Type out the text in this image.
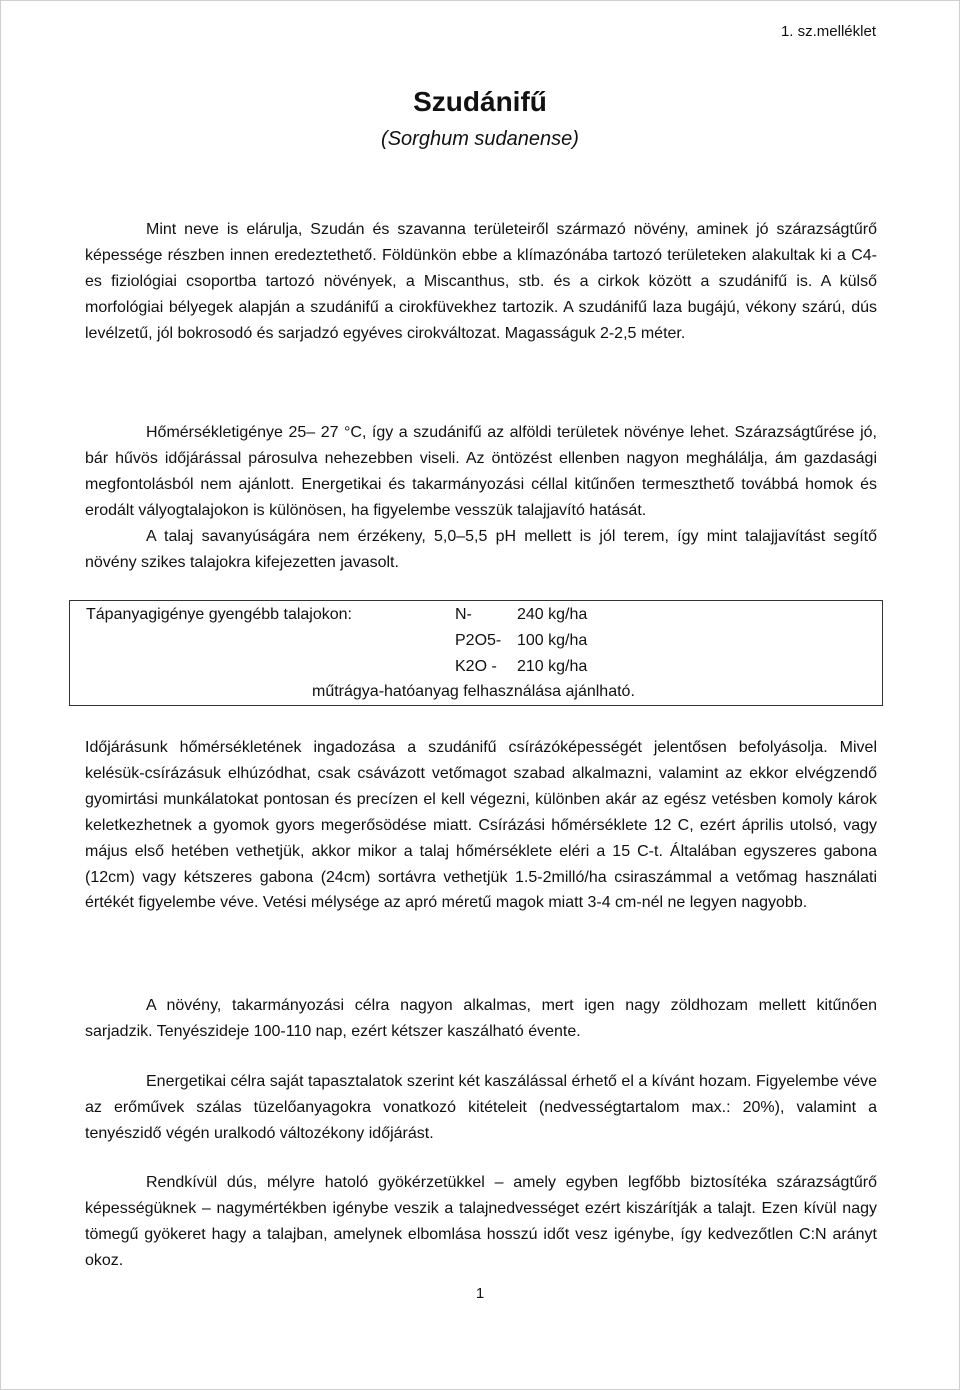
1. sz.melléklet
Szudánifű
(Sorghum sudanense)

Mint neve is elárulja, Szudán és szavanna területeiről származó növény, aminek jó szárazságtűrő képessége részben innen eredeztethető. Földünkön ebbe a klímazónába tartozó területeken alakultak ki a C4-es fiziológiai csoportba tartozó növények, a Miscanthus, stb. és a cirkok között a szudánifű is. A külső morfológiai bélyegek alapján a szudánifű a cirokfüvekhez tartozik. A szudánifű laza bugájú, vékony szárú, dús levélzetű, jól bokrosodó és sarjadzó egyéves cirokváltozat. Magasságuk 2-2,5 méter.

Hőmérsékletigénye 25– 27 °C, így a szudánifű az alföldi területek növénye lehet. Szárazságtűrése jó, bár hűvös időjárással párosulva nehezebben viseli. Az öntözést ellenben nagyon meghálálja, ám gazdasági megfontolásból nem ajánlott. Energetikai és takarmányozási céllal kitűnően termeszthető továbbá homok és erodált vályogtalajokon is különösen, ha figyelembe vesszük talajjavító hatását.

A talaj savanyúságára nem érzékeny, 5,0–5,5 pH mellett is jól terem, így mint talajjavítást segítő növény szikes talajokra kifejezetten javasolt.

Tápanyagigénye gyengébb talajokon:	N-	240 kg/ha
P2O5- 100 kg/ha
K2O - 210 kg/ha
műtrágya-hatóanyag felhasználása ajánlható.

Időjárásunk hőmérsékletének ingadozása a szudánifű csírázóképességét jelentősen befolyásolja. Mivel kelésük-csírázásuk elhúzódhat, csak csávázott vetőmagot szabad alkalmazni, valamint az ekkor elvégzendő gyomirtási munkálatokat pontosan és precízen el kell végezni, különben akár az egész vetésben komoly károk keletkezhetnek a gyomok gyors megerősödése miatt. Csírázási hőmérséklete 12 C, ezért április utolsó, vagy május első hetében vethetjük, akkor mikor a talaj hőmérséklete eléri a 15 C-t. Általában egyszeres gabona (12cm) vagy kétszeres gabona (24cm) sortávra vethetjük 1.5-2milló/ha csiraszámmal a vetőmag használati értékét figyelembe véve. Vetési mélysége az apró méretű magok miatt 3-4 cm-nél ne legyen nagyobb.

A növény, takarmányozási célra nagyon alkalmas, mert igen nagy zöldhozam mellett kitűnően sarjadzik. Tenyészideje 100-110 nap, ezért kétszer kaszálható évente.

Energetikai célra saját tapasztalatok szerint két kaszálással érhető el a kívánt hozam. Figyelembe véve az erőművek szálas tüzelőanyagokra vonatkozó kitételeit (nedvességtartalom max.: 20%), valamint a tenyészidő végén uralkodó változékony időjárást.

Rendkívül dús, mélyre hatoló gyökérzetükkel – amely egyben legfőbb biztosítéka szárazságtűrő képességüknek – nagymértékben igénybe veszik a talajnedvességet ezért kiszárítják a talajt. Ezen kívül nagy tömegű gyökeret hagy a talajban, amelynek elbomlása hosszú időt vesz igénybe, így kedvezőtlen C:N arányt okoz.

1
